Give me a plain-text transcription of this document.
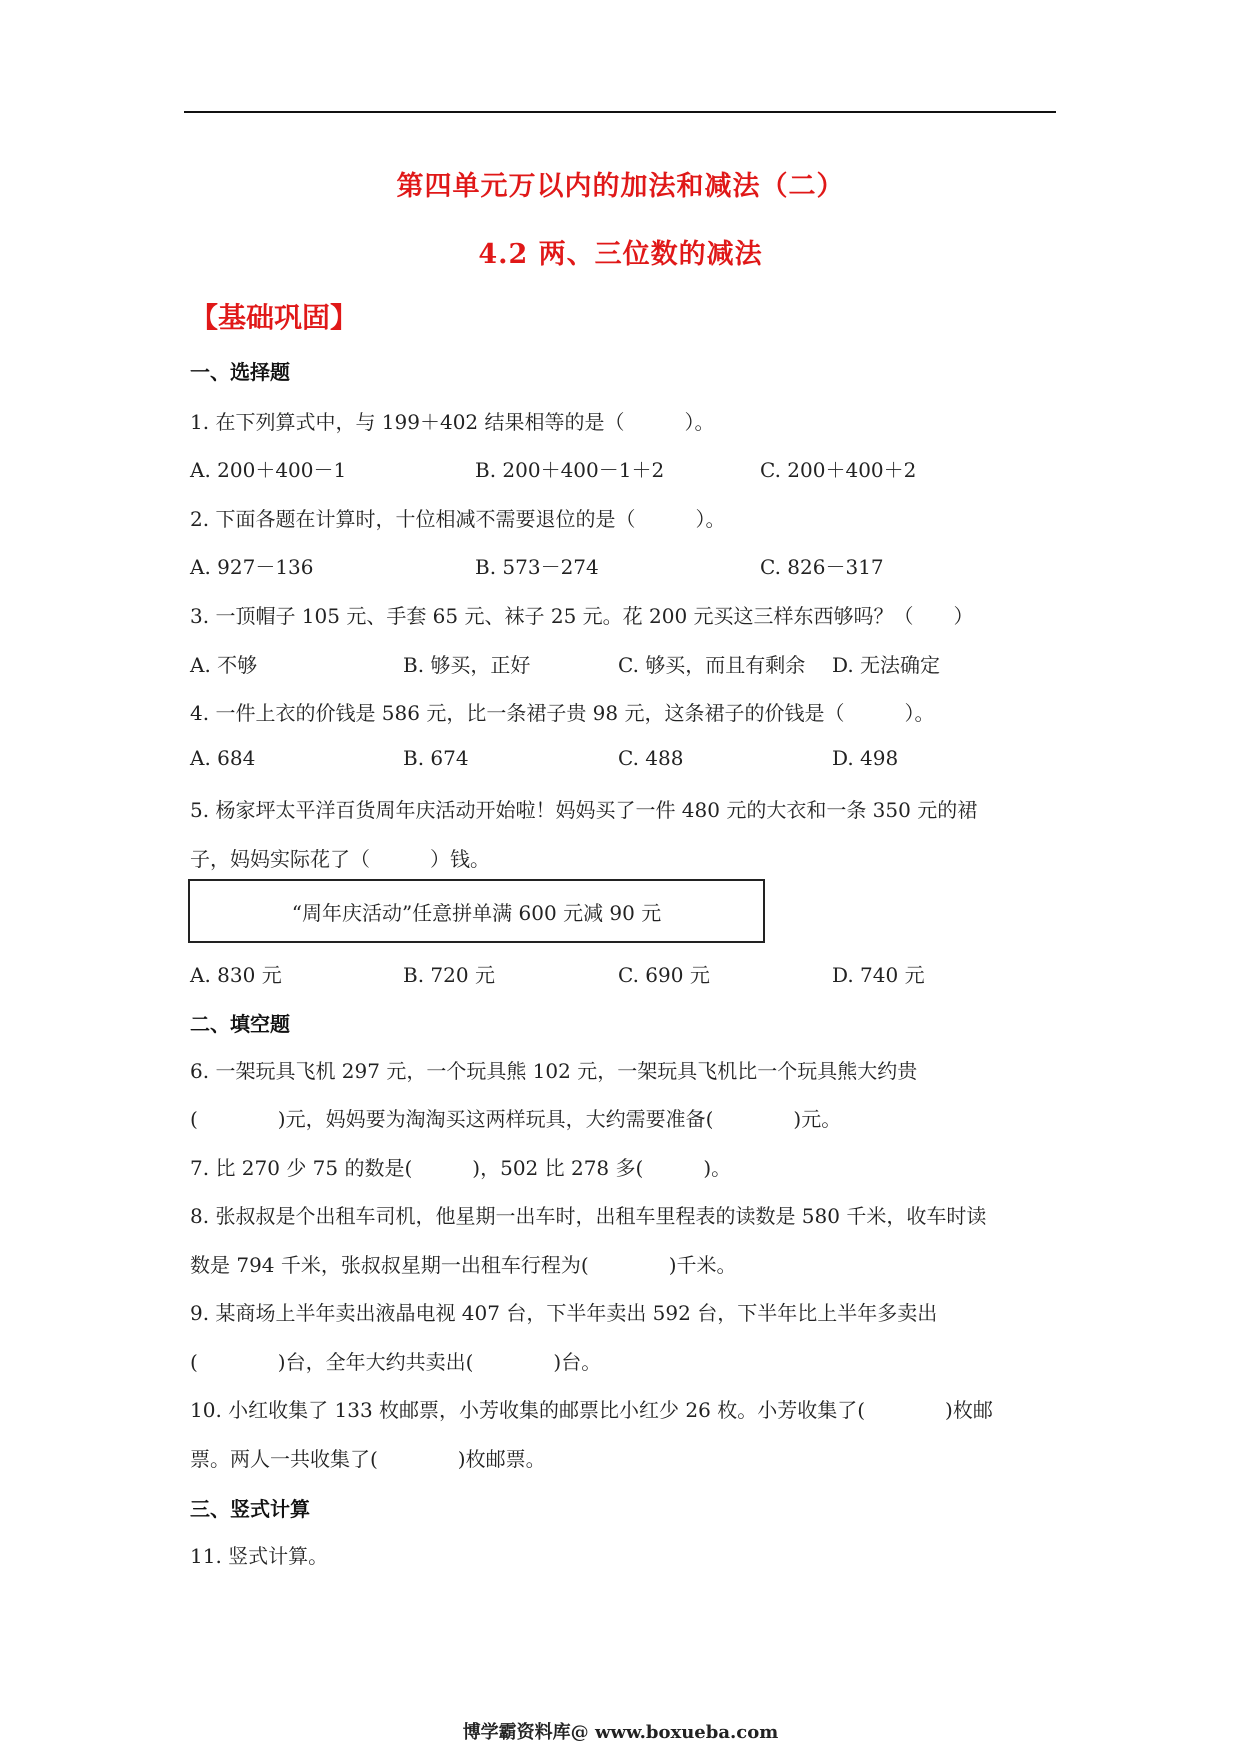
第四单元万以内的加法和减法（二）
4.2 两、三位数的减法
【基础巩固】
一、选择题
1. 在下列算式中，与 199＋402 结果相等的是（　　　）。
A. 200＋400－1	B. 200＋400－1＋2	C. 200＋400＋2
2. 下面各题在计算时，十位相减不需要退位的是（　　　）。
A. 927－136	B. 573－274	C. 826－317
3. 一顶帽子 105 元、手套 65 元、袜子 25 元。花 200 元买这三样东西够吗？（　　）
A. 不够	B. 够买，正好	C. 够买，而且有剩余 D. 无法确定
4. 一件上衣的价钱是 586 元，比一条裙子贵 98 元，这条裙子的价钱是（　　　）。
A. 684	B. 674	C. 488	D. 498
5. 杨家坪太平洋百货周年庆活动开始啦！妈妈买了一件 480 元的大衣和一条 350 元的裙
子，妈妈实际花了（　　　）钱。
“周年庆活动”任意拼单满 600 元减 90 元
A. 830 元	B. 720 元	C. 690 元	D. 740 元
二、填空题
6. 一架玩具飞机 297 元，一个玩具熊 102 元，一架玩具飞机比一个玩具熊大约贵
(　　　　)元，妈妈要为淘淘买这两样玩具，大约需要准备(　　　　)元。
7. 比 270 少 75 的数是(　　　)，502 比 278 多(　　　)。
8. 张叔叔是个出租车司机，他星期一出车时，出租车里程表的读数是 580 千米，收车时读
数是 794 千米，张叔叔星期一出租车行程为(　　　　)千米。
9. 某商场上半年卖出液晶电视 407 台，下半年卖出 592 台，下半年比上半年多卖出
(　　　　)台，全年大约共卖出(　　　　)台。
10. 小红收集了 133 枚邮票，小芳收集的邮票比小红少 26 枚。小芳收集了(　　　　)枚邮
票。两人一共收集了(　　　　)枚邮票。
三、竖式计算
11. 竖式计算。
博学霸资料库@ www.boxueba.com
